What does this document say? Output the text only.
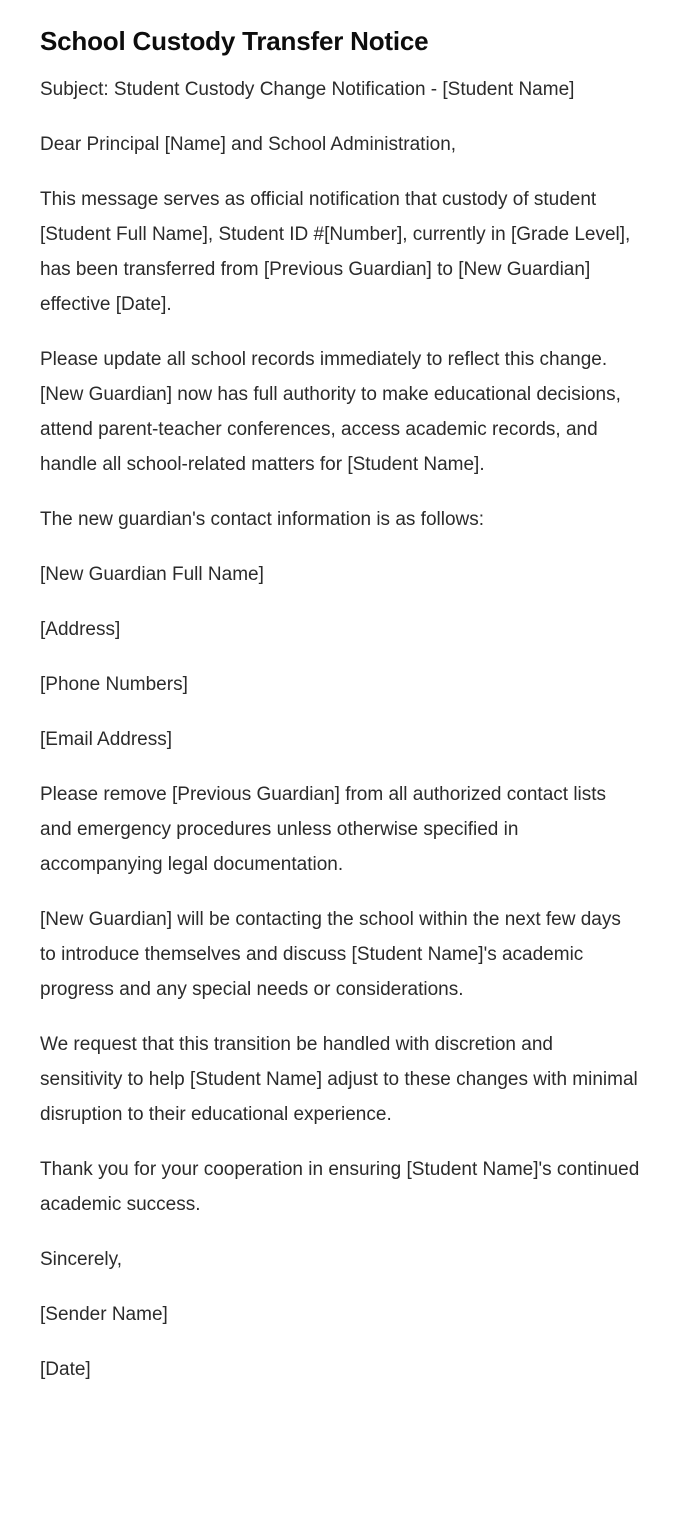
School Custody Transfer Notice

Subject: Student Custody Change Notification - [Student Name]

Dear Principal [Name] and School Administration,

This message serves as official notification that custody of student [Student Full Name], Student ID #[Number], currently in [Grade Level], has been transferred from [Previous Guardian] to [New Guardian] effective [Date].

Please update all school records immediately to reflect this change. [New Guardian] now has full authority to make educational decisions, attend parent-teacher conferences, access academic records, and handle all school-related matters for [Student Name].

The new guardian's contact information is as follows:

[New Guardian Full Name]

[Address]

[Phone Numbers]

[Email Address]

Please remove [Previous Guardian] from all authorized contact lists and emergency procedures unless otherwise specified in accompanying legal documentation.

[New Guardian] will be contacting the school within the next few days to introduce themselves and discuss [Student Name]'s academic progress and any special needs or considerations.

We request that this transition be handled with discretion and sensitivity to help [Student Name] adjust to these changes with minimal disruption to their educational experience.

Thank you for your cooperation in ensuring [Student Name]'s continued academic success.

Sincerely,

[Sender Name]

[Date]
